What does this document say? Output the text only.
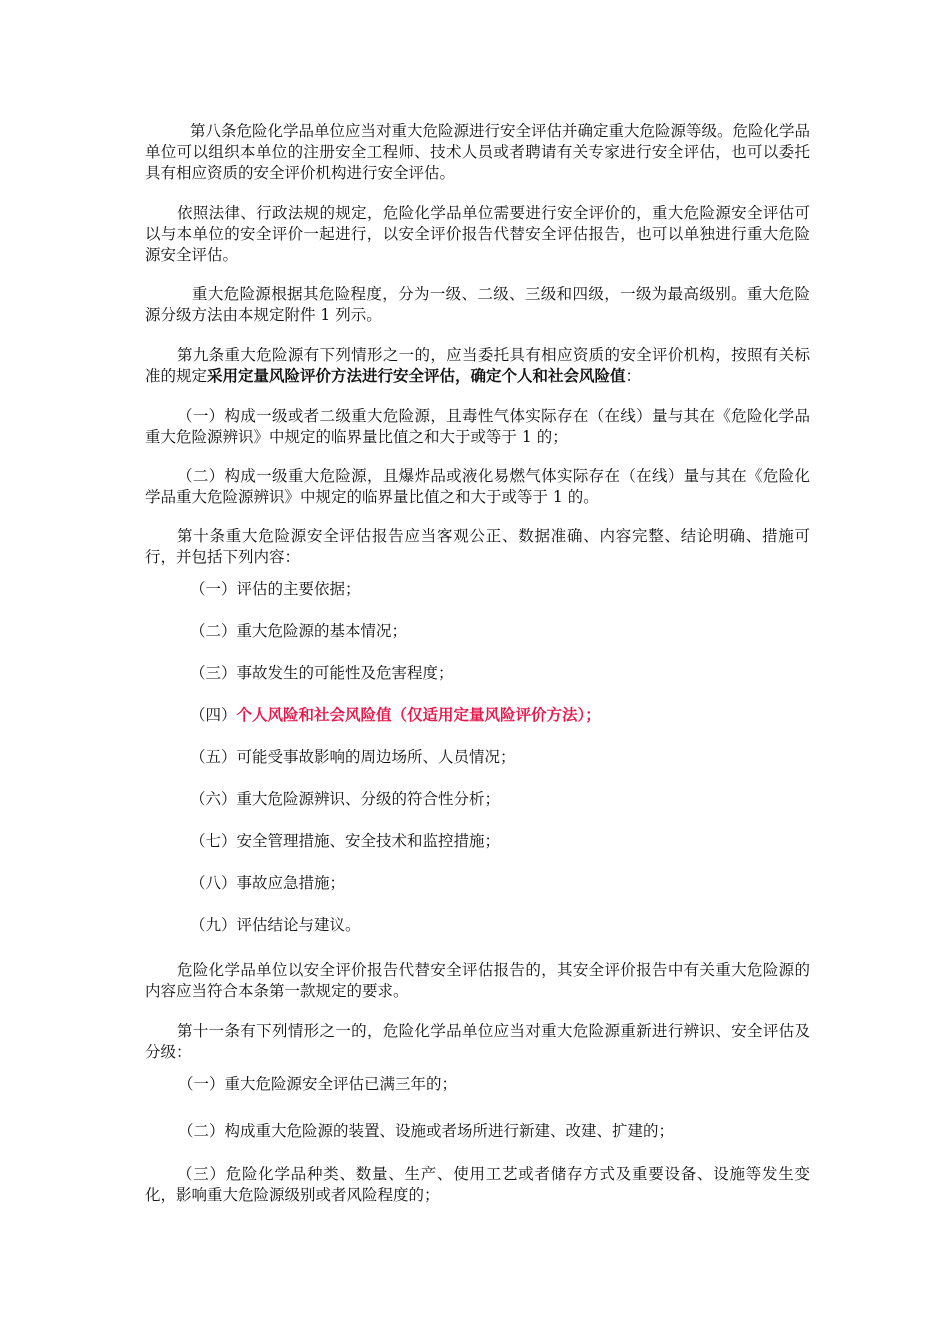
第八条危险化学品单位应当对重大危险源进行安全评估并确定重大危险源等级。危险化学品单位可以组织本单位的注册安全工程师、技术人员或者聘请有关专家进行安全评估，也可以委托具有相应资质的安全评价机构进行安全评估。

依照法律、行政法规的规定，危险化学品单位需要进行安全评价的，重大危险源安全评估可以与本单位的安全评价一起进行，以安全评价报告代替安全评估报告，也可以单独进行重大危险源安全评估。

重大危险源根据其危险程度，分为一级、二级、三级和四级，一级为最高级别。重大危险源分级方法由本规定附件 1 列示。

第九条重大危险源有下列情形之一的，应当委托具有相应资质的安全评价机构，按照有关标准的规定采用定量风险评价方法进行安全评估，确定个人和社会风险值：

（一）构成一级或者二级重大危险源，且毒性气体实际存在（在线）量与其在《危险化学品重大危险源辨识》中规定的临界量比值之和大于或等于 1 的；

（二）构成一级重大危险源，且爆炸品或液化易燃气体实际存在（在线）量与其在《危险化学品重大危险源辨识》中规定的临界量比值之和大于或等于 1 的。

第十条重大危险源安全评估报告应当客观公正、数据准确、内容完整、结论明确、措施可行，并包括下列内容：

（一）评估的主要依据；

（二）重大危险源的基本情况；

（三）事故发生的可能性及危害程度；

（四）个人风险和社会风险值（仅适用定量风险评价方法）；

（五）可能受事故影响的周边场所、人员情况；

（六）重大危险源辨识、分级的符合性分析；

（七）安全管理措施、安全技术和监控措施；

（八）事故应急措施；

（九）评估结论与建议。

危险化学品单位以安全评价报告代替安全评估报告的，其安全评价报告中有关重大危险源的内容应当符合本条第一款规定的要求。

第十一条有下列情形之一的，危险化学品单位应当对重大危险源重新进行辨识、安全评估及分级：

（一）重大危险源安全评估已满三年的；

（二）构成重大危险源的装置、设施或者场所进行新建、改建、扩建的；

（三）危险化学品种类、数量、生产、使用工艺或者储存方式及重要设备、设施等发生变化，影响重大危险源级别或者风险程度的；
